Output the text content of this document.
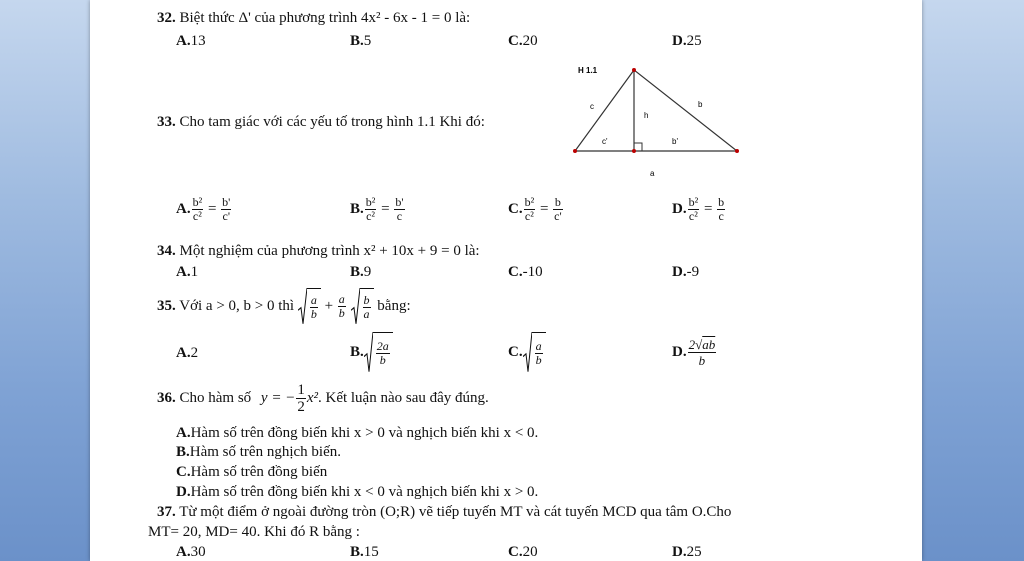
32. Biệt thức Δ' của phương trình 4x² - 6x - 1 = 0 là:
A.13	B.5	C.20	D.25
33. Cho tam giác với các yếu tố trong hình 1.1 Khi đó:
H 1.1
c	b
h
c'	b'
a
A. $\frac{\text{b²}}{\text{c²}} = \frac{b'}{c'}$	B. $\frac{\text{b²}}{\text{c²}} = \frac{b'}{c}$	C. $\frac{\text{b²}}{\text{c²}} = \frac{b}{c'}$	D. $\frac{\text{b²}}{\text{c²}} = \frac{b}{c}$
34. Một nghiệm của phương trình x² + 10x + 9 = 0 là:
A.1	B.9	C.-10	D.-9
35. Với a > 0, b > 0 thì $\frac{a}{b} + \frac{a}{b}$
$\frac{b}{a}$ bằng:
A.2	B. $\frac{2a}{b}$	C. $\frac{a}{b}$	D. $\frac{2√ab}{b}$
36. Cho hàm số y = − $\frac{1}{2} x^2$. Kết luận nào sau đây đúng.
A.Hàm số trên đồng biến khi x > 0 và nghịch biến khi x < 0.
B.Hàm số trên nghịch biến.
C.Hàm số trên đồng biến
D.Hàm số trên đồng biến khi x < 0 và nghịch biến khi x > 0.
37. Từ một điểm ở ngoài đường tròn (O;R) vẽ tiếp tuyến MT và cát tuyến MCD qua tâm O.Cho
MT= 20, MD= 40. Khi đó R bằng :
A.30	B.15	C.20	D.25
